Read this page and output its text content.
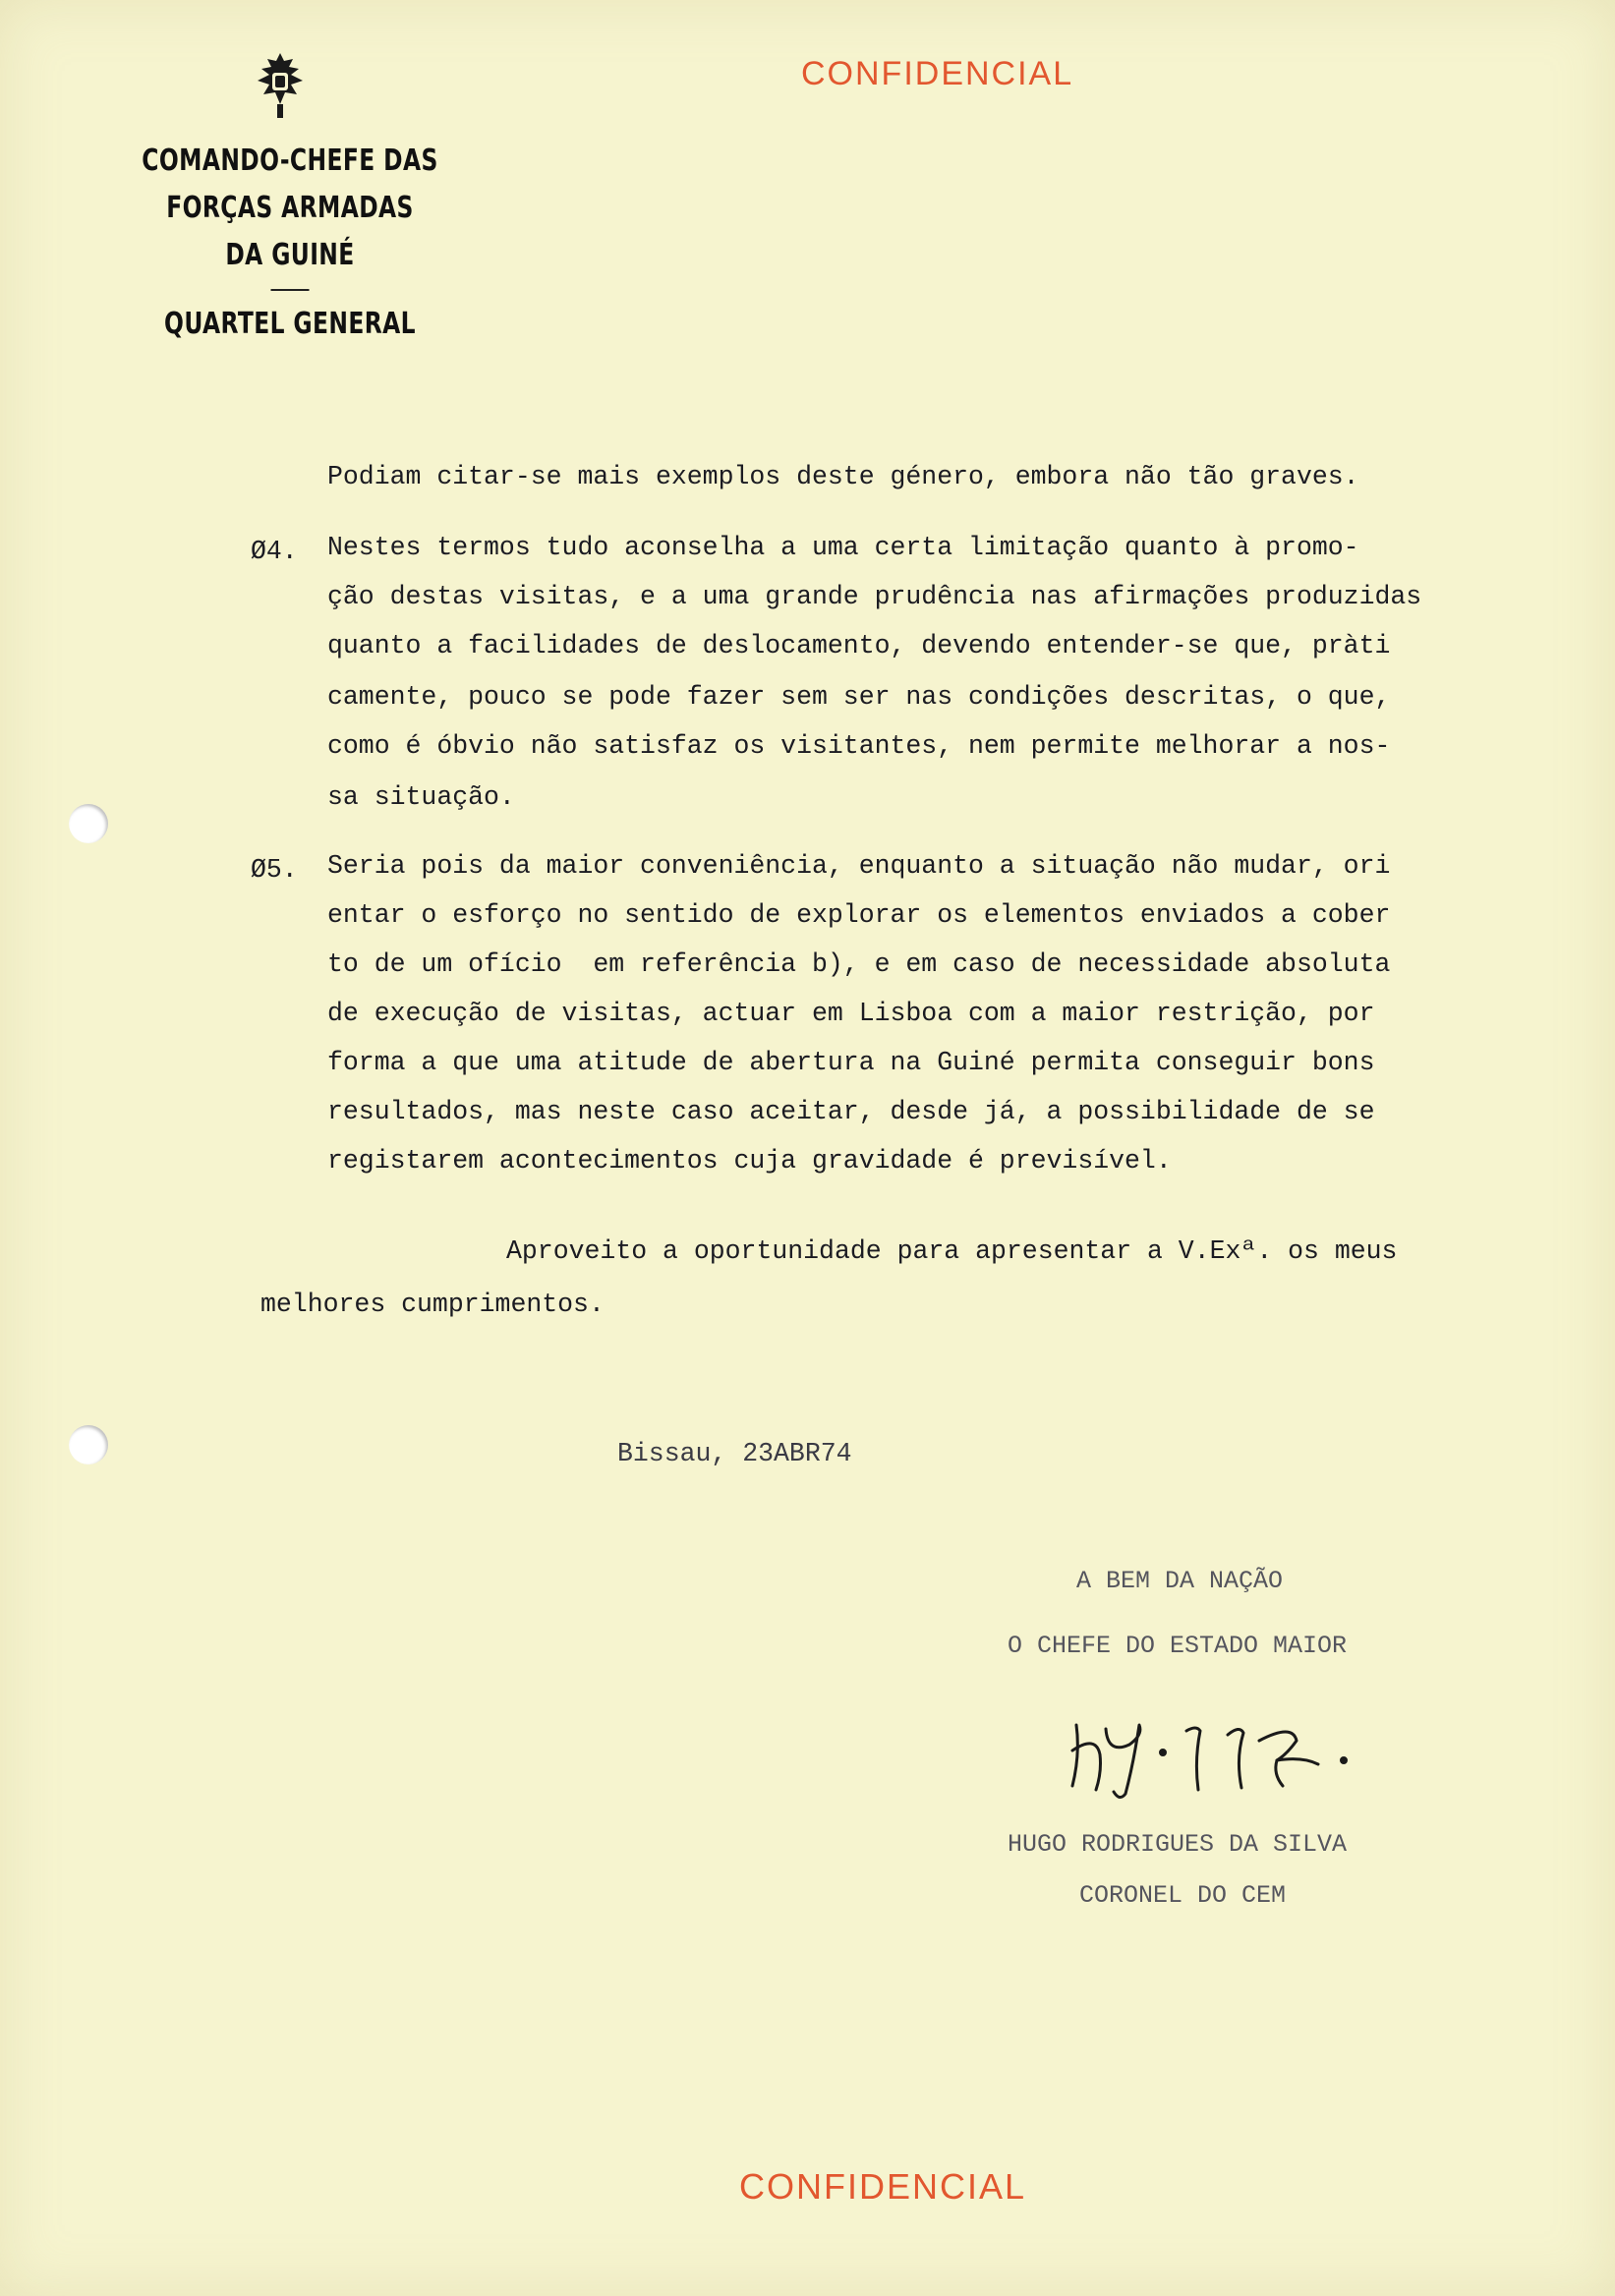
COMANDO-CHEFE DAS FORÇAS ARMADAS
DA GUINÉ
QUARTEL GENERAL
CONFIDENCIAL
Podiam citar-se mais exemplos deste género, embora não tão graves.
Ø4. Nestes termos tudo aconselha a uma certa limitação quanto à promo-
ção destas visitas, e a uma grande prudência nas afirmações produzidas
quanto a facilidades de deslocamento, devendo entender-se que, pràti
camente, pouco se pode fazer sem ser nas condições descritas, o que,
como é óbvio não satisfaz os visitantes, nem permite melhorar a nos-
sa situação.
Ø5. Seria pois da maior conveniência, enquanto a situação não mudar, ori
entar o esforço no sentido de explorar os elementos enviados a cober
to de um ofício  em referência b), e em caso de necessidade absoluta
de execução de visitas, actuar em Lisboa com a maior restrição, por
forma a que uma atitude de abertura na Guiné permita conseguir bons
resultados, mas neste caso aceitar, desde já, a possibilidade de se
registarem acontecimentos cuja gravidade é previsível.
Aproveito a oportunidade para apresentar a V.Exª. os meus
melhores cumprimentos.
Bissau, 23ABR74
A BEM DA NAÇÃO
O CHEFE DO ESTADO MAIOR
HUGO RODRIGUES DA SILVA
CORONEL DO CEM
CONFIDENCIAL
